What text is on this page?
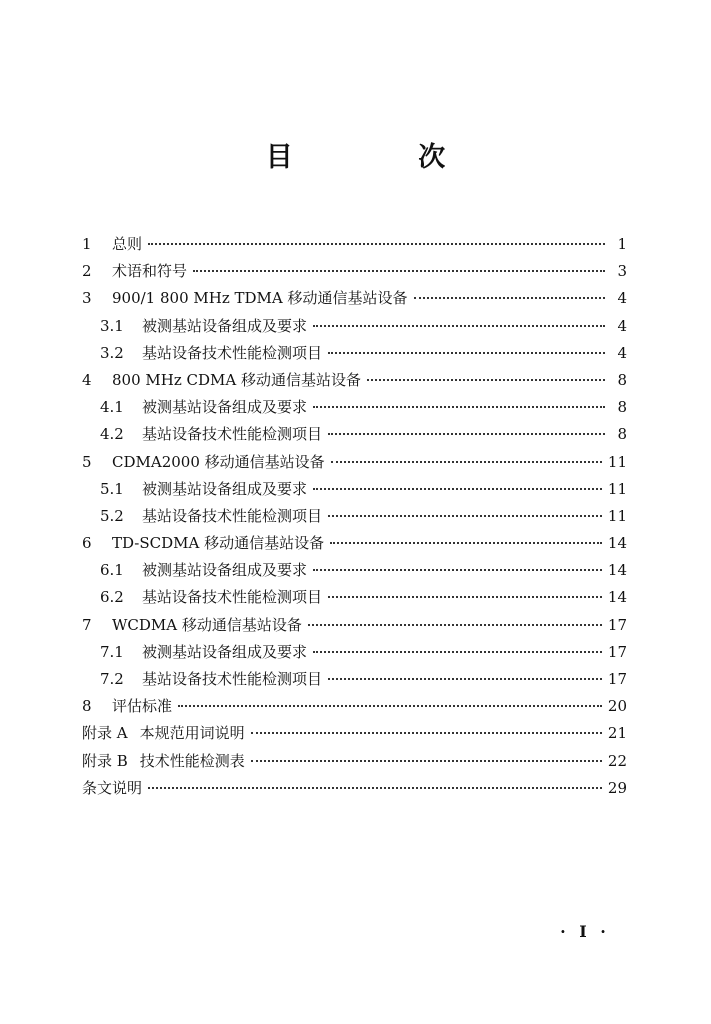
目 次
1	总则	1
2	术语和符号	3
3	900/1 800 MHz TDMA 移动通信基站设备	4
3.1 被测基站设备组成及要求	4
3.2 基站设备技术性能检测项目	4
4	800 MHz CDMA 移动通信基站设备	8
4.1 被测基站设备组成及要求	8
4.2 基站设备技术性能检测项目	8
5	CDMA2000 移动通信基站设备	11
5.1 被测基站设备组成及要求	11
5.2 基站设备技术性能检测项目	11
6	TD-SCDMA 移动通信基站设备	14
6.1 被测基站设备组成及要求	14
6.2 基站设备技术性能检测项目	14
7	WCDMA 移动通信基站设备	17
7.1 被测基站设备组成及要求	17
7.2 基站设备技术性能检测项目	17
8	评估标准	20
附录 A 本规范用词说明	21
附录 B 技术性能检测表	22
条文说明	29
· I ·
